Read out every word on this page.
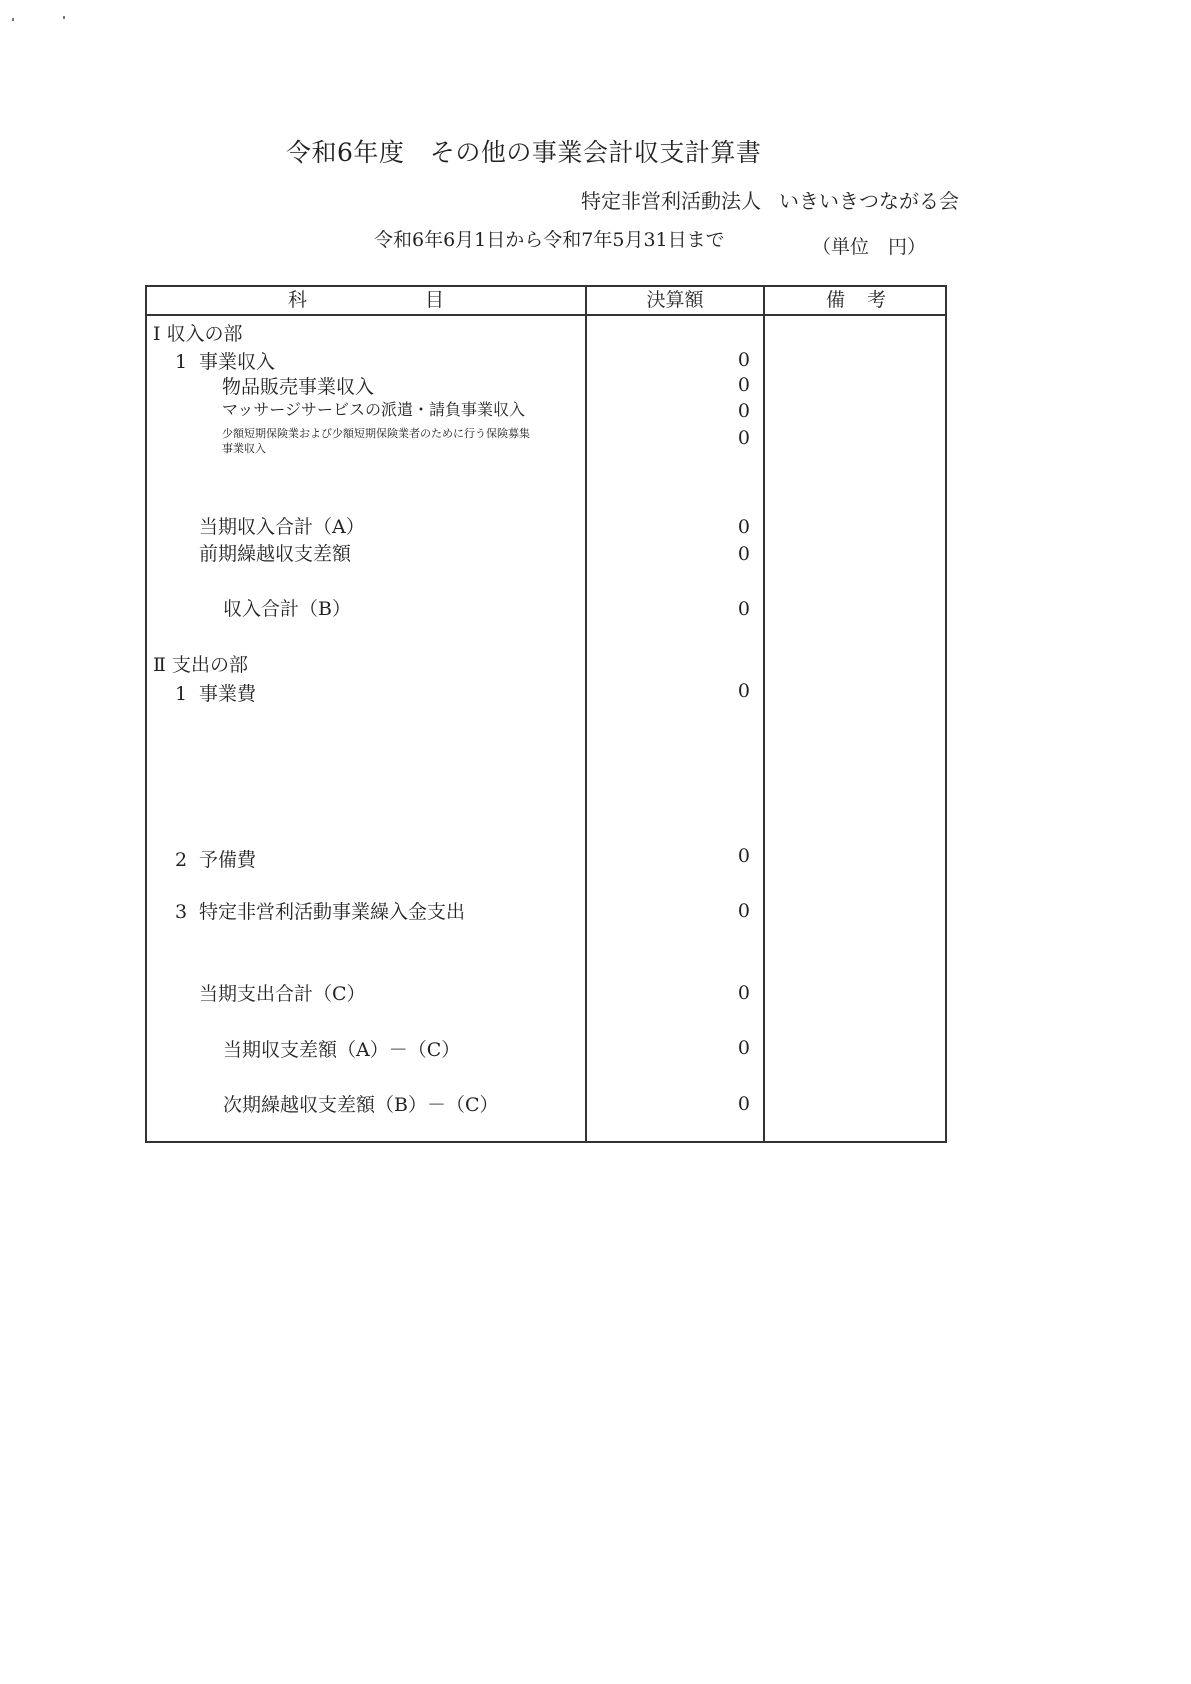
令和6年度　その他の事業会計収支計算書
特定非営利活動法人 いきいきつながる会
令和6年6月1日から令和7年5月31日まで	（単位　円）
科	目	決算額	備 考
Ⅰ 収入の部
1 事業収入	0
物品販売事業収入	0
マッサージサービスの派遣・請負事業収入	0
少額短期保険業および少額短期保険業者のために行う保険募集
事業収入	0
当期収入合計（A）	0
前期繰越収支差額	0
収入合計（B）	0
Ⅱ 支出の部
1 事業費	0
2 予備費	0
3 特定非営利活動事業繰入金支出	0
当期支出合計（C）	0
当期収支差額（A）－（C）	0
次期繰越収支差額（B）－（C）	0
